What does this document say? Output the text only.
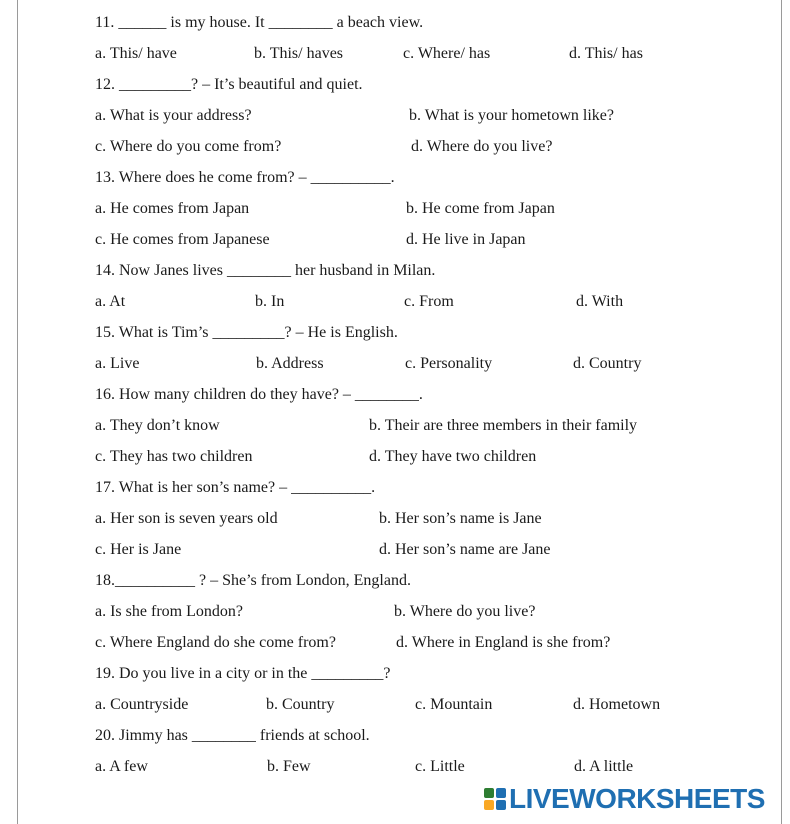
11. ______ is my house. It ________ a beach view.
a. This/ have	b. This/ haves	c. Where/ has	d. This/ has
12. _________? – It’s beautiful and quiet.
a. What is your address?	b. What is your hometown like?
c. Where do you come from?	d. Where do you live?
13. Where does he come from? – __________.
a. He comes from Japan	b. He come from Japan
c. He comes from Japanese	d. He live in Japan
14. Now Janes lives ________ her husband in Milan.
a. At	b. In	c. From	d. With
15. What is Tim’s _________? – He is English.
a. Live	b. Address	c. Personality	d. Country
16. How many children do they have? – ________.
a. They don’t know	b. Their are three members in their family
c. They has two children	d. They have two children
17. What is her son’s name? – __________.
a. Her son is seven years old	b. Her son’s name is Jane
c. Her is Jane	d. Her son’s name are Jane
18.__________ ? – She’s from London, England.
a. Is she from London?	b. Where do you live?
c. Where England do she come from?	d. Where in England is she from?
19. Do you live in a city or in the _________?
a. Countryside	b. Country	c. Mountain	d. Hometown
20. Jimmy has ________ friends at school.
a. A few	b. Few	c. Little	d. A little
LIVEWORKSHEETS
